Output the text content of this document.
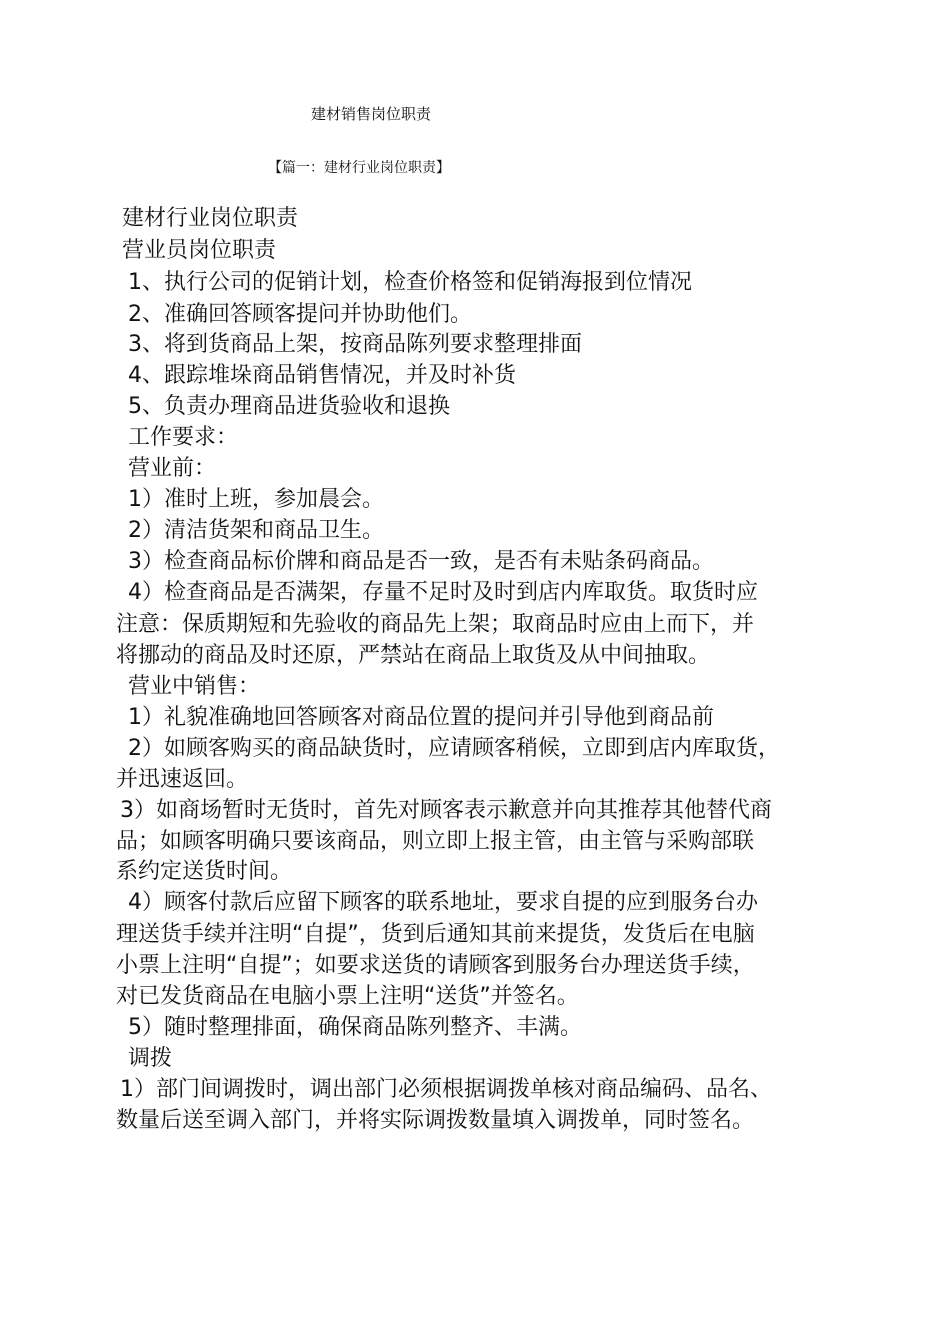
建材销售岗位职责
【篇一：建材行业岗位职责】
建材行业岗位职责
营业员岗位职责
1、执行公司的促销计划，检查价格签和促销海报到位情况
2、准确回答顾客提问并协助他们。
3、将到货商品上架，按商品陈列要求整理排面
4、跟踪堆垛商品销售情况，并及时补货
5、负责办理商品进货验收和退换
工作要求：
营业前：
1）准时上班，参加晨会。
2）清洁货架和商品卫生。
3）检查商品标价牌和商品是否一致，是否有未贴条码商品。
4）检查商品是否满架，存量不足时及时到店内库取货。取货时应
注意：保质期短和先验收的商品先上架；取商品时应由上而下，并
将挪动的商品及时还原，严禁站在商品上取货及从中间抽取。
营业中销售：
1）礼貌准确地回答顾客对商品位置的提问并引导他到商品前
2）如顾客购买的商品缺货时，应请顾客稍候，立即到店内库取货，
并迅速返回。
3）如商场暂时无货时，首先对顾客表示歉意并向其推荐其他替代商
品；如顾客明确只要该商品，则立即上报主管，由主管与采购部联
系约定送货时间。
4）顾客付款后应留下顾客的联系地址，要求自提的应到服务台办
理送货手续并注明“自提”，货到后通知其前来提货，发货后在电脑
小票上注明“自提”；如要求送货的请顾客到服务台办理送货手续，
对已发货商品在电脑小票上注明“送货”并签名。
5）随时整理排面，确保商品陈列整齐、丰满。
调拨
1）部门间调拨时，调出部门必须根据调拨单核对商品编码、品名、
数量后送至调入部门，并将实际调拨数量填入调拨单，同时签名。
